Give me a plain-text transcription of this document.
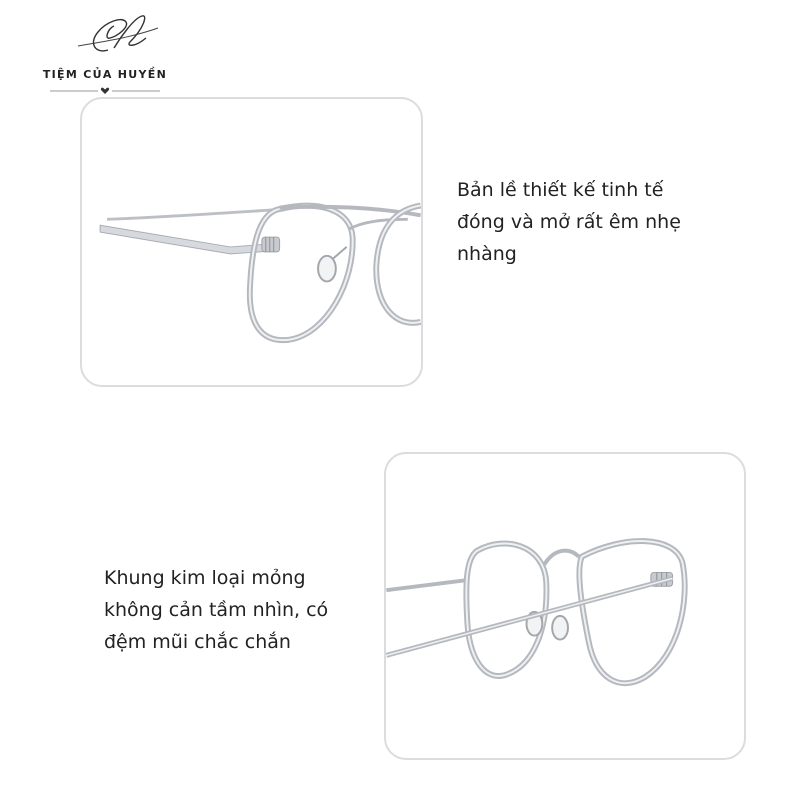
TIỆM CỦA HUYỀN
Bản lề thiết kế tinh tế
đóng và mở rất êm nhẹ
nhàng
Khung kim loại mỏng
không cản tầm nhìn, có
đệm mũi chắc chắn
